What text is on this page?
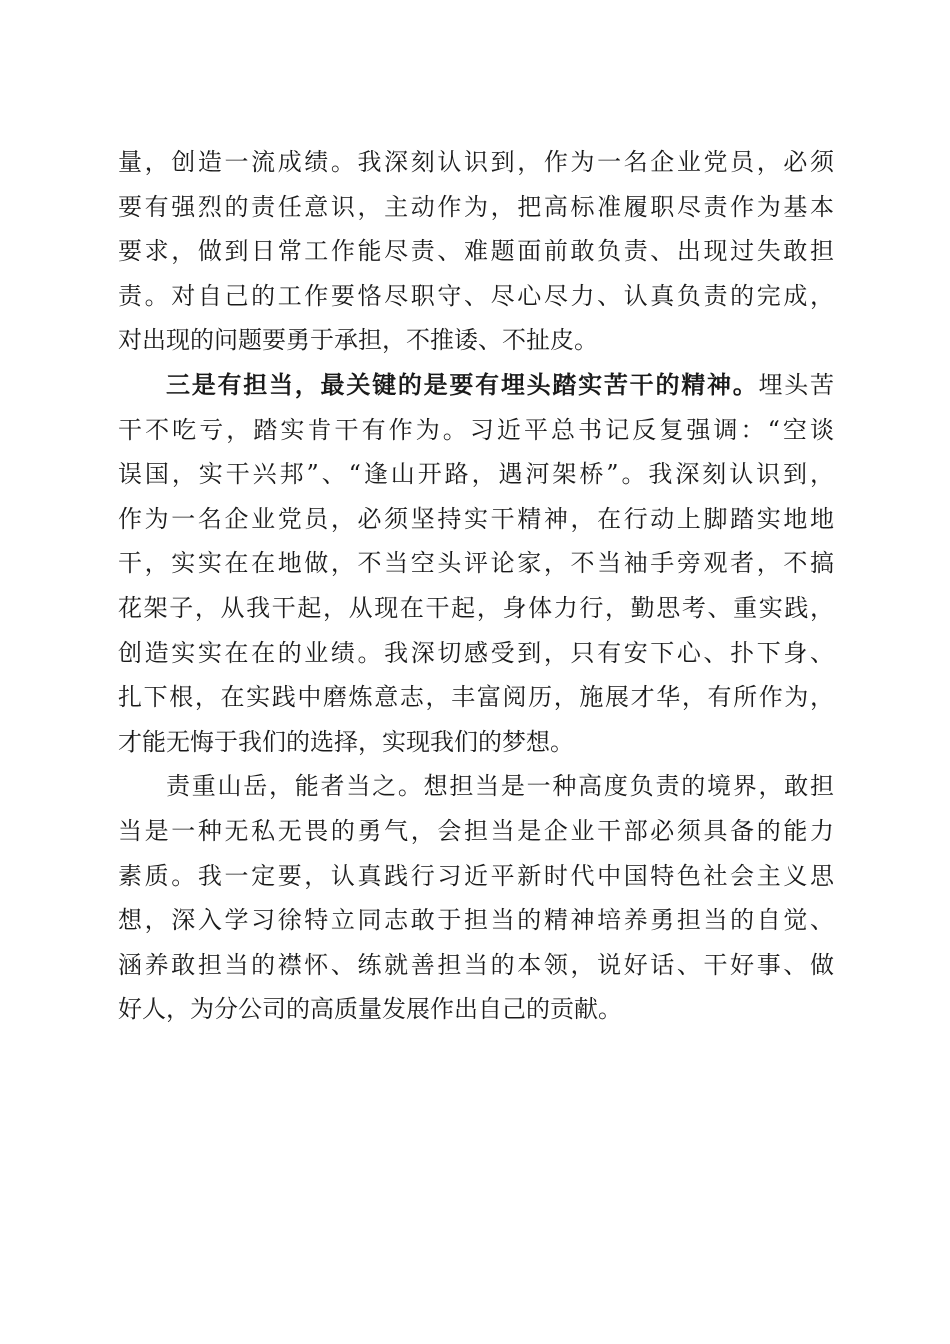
量，创造一流成绩。我深刻认识到，作为一名企业党员，必须
要有强烈的责任意识，主动作为，把高标准履职尽责作为基本
要求，做到日常工作能尽责、难题面前敢负责、出现过失敢担
责。对自己的工作要恪尽职守、尽心尽力、认真负责的完成，
对出现的问题要勇于承担，不推诿、不扯皮。
三是有担当，最关键的是要有埋头踏实苦干的精神。埋头苦
干不吃亏，踏实肯干有作为。习近平总书记反复强调：“空谈
误国，实干兴邦”、“逢山开路，遇河架桥”。我深刻认识到，
作为一名企业党员，必须坚持实干精神，在行动上脚踏实地地
干，实实在在地做，不当空头评论家，不当袖手旁观者，不搞
花架子，从我干起，从现在干起，身体力行，勤思考、重实践，
创造实实在在的业绩。我深切感受到，只有安下心、扑下身、
扎下根，在实践中磨炼意志，丰富阅历，施展才华，有所作为，
才能无悔于我们的选择，实现我们的梦想。
责重山岳，能者当之。想担当是一种高度负责的境界，敢担
当是一种无私无畏的勇气，会担当是企业干部必须具备的能力
素质。我一定要，认真践行习近平新时代中国特色社会主义思
想，深入学习徐特立同志敢于担当的精神培养勇担当的自觉、
涵养敢担当的襟怀、练就善担当的本领，说好话、干好事、做
好人，为分公司的高质量发展作出自己的贡献。
